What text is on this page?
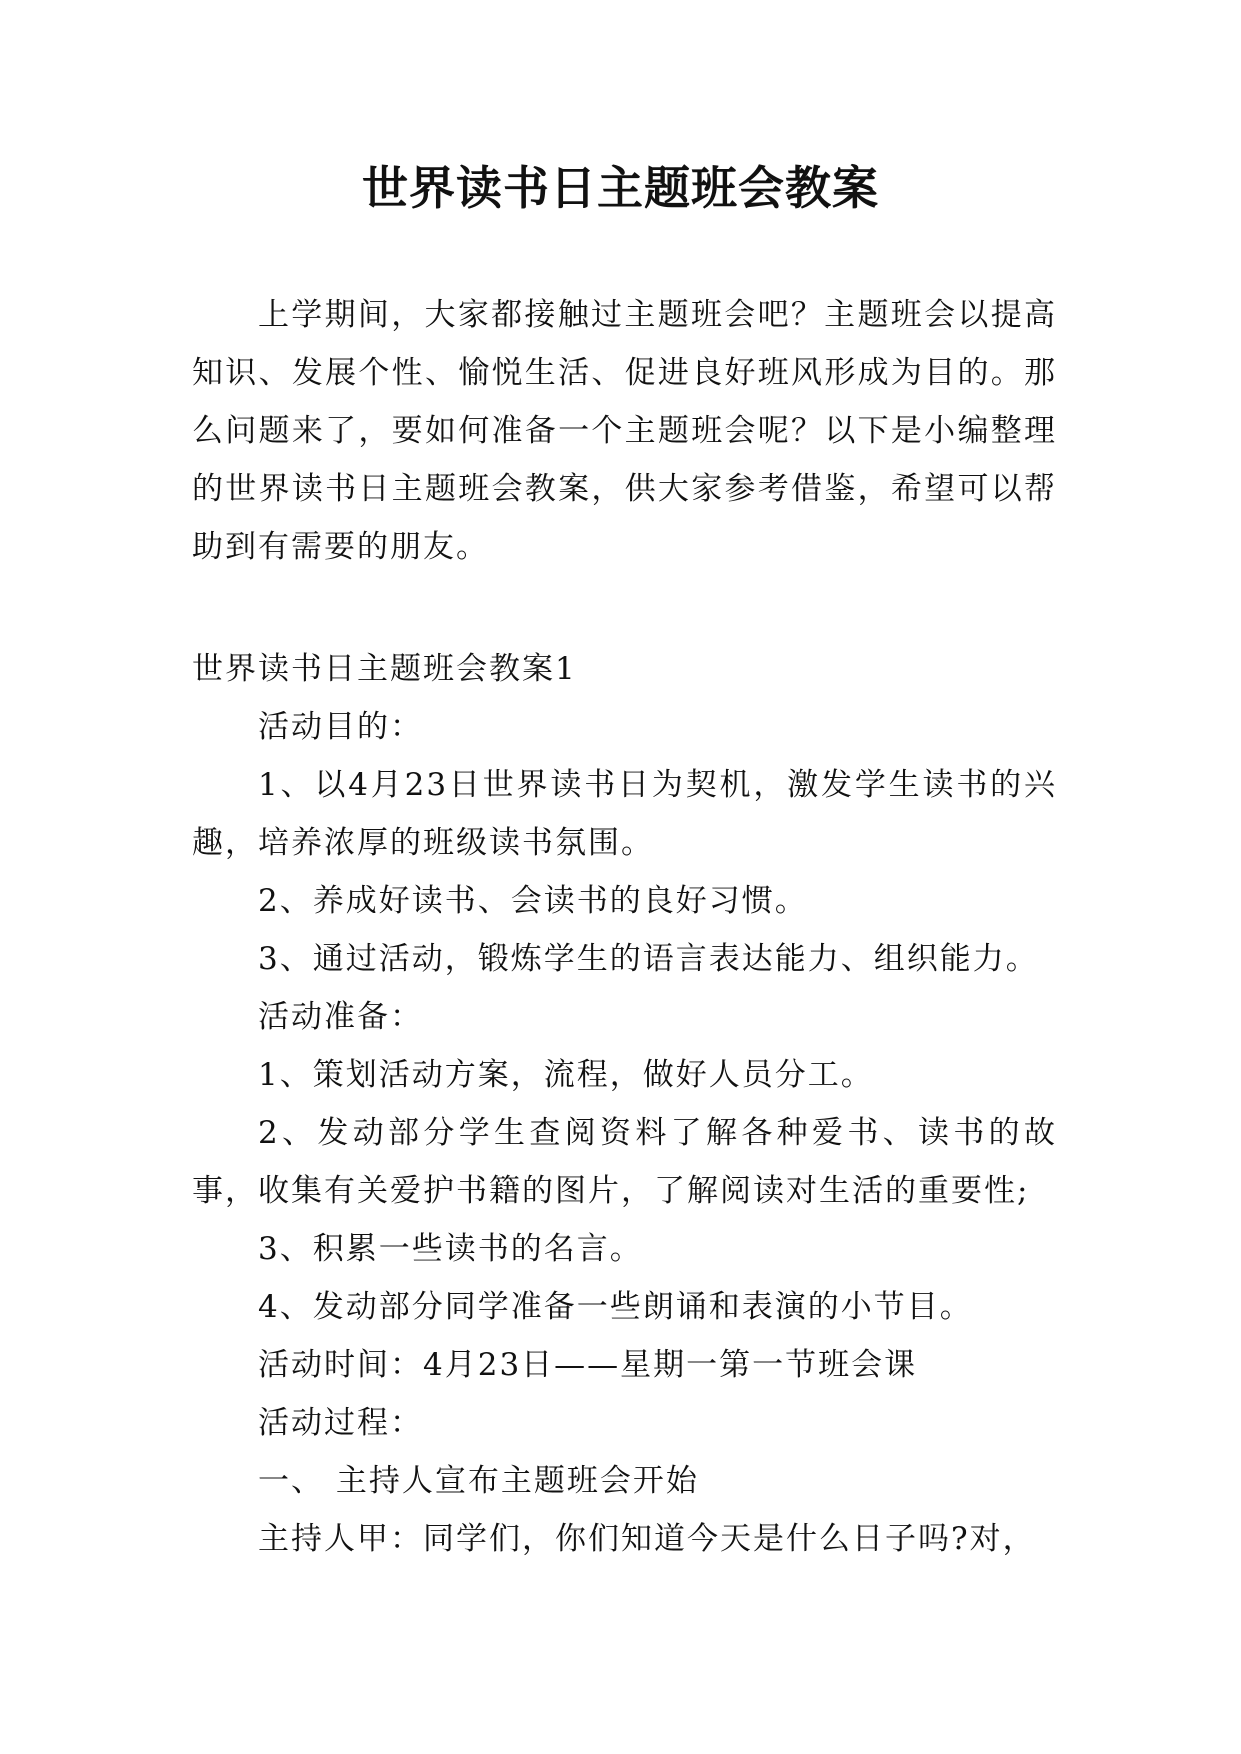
世界读书日主题班会教案

上学期间，大家都接触过主题班会吧？主题班会以提高知识、发展个性、愉悦生活、促进良好班风形成为目的。那么问题来了，要如何准备一个主题班会呢？以下是小编整理的世界读书日主题班会教案，供大家参考借鉴，希望可以帮助到有需要的朋友。

世界读书日主题班会教案1

活动目的：

1、以4月23日世界读书日为契机，激发学生读书的兴趣，培养浓厚的班级读书氛围。

2、养成好读书、会读书的良好习惯。

3、通过活动，锻炼学生的语言表达能力、组织能力。

活动准备：

1、策划活动方案，流程，做好人员分工。

2、发动部分学生查阅资料了解各种爱书、读书的故事，收集有关爱护书籍的图片，了解阅读对生活的重要性;

3、积累一些读书的名言。

4、发动部分同学准备一些朗诵和表演的小节目。

活动时间：4月23日——星期一第一节班会课

活动过程：

一、 主持人宣布主题班会开始

主持人甲：同学们，你们知道今天是什么日子吗?对，
